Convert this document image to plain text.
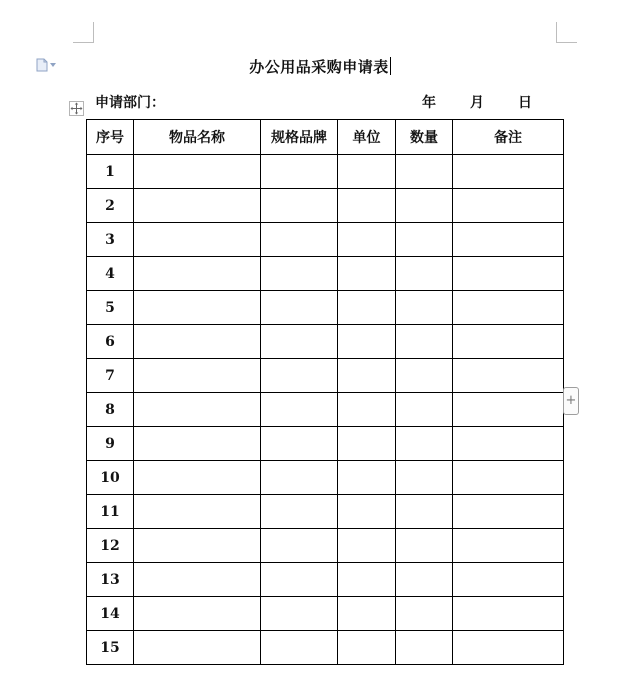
办公用品采购申请表
申请部门：	年 月 日
序号	物品名称	规格品牌	单位	数量	备注
1					
2					
3					
4					
5					
6					
7					
8					
9					
10					
11					
12					
13					
14					
15					
+
